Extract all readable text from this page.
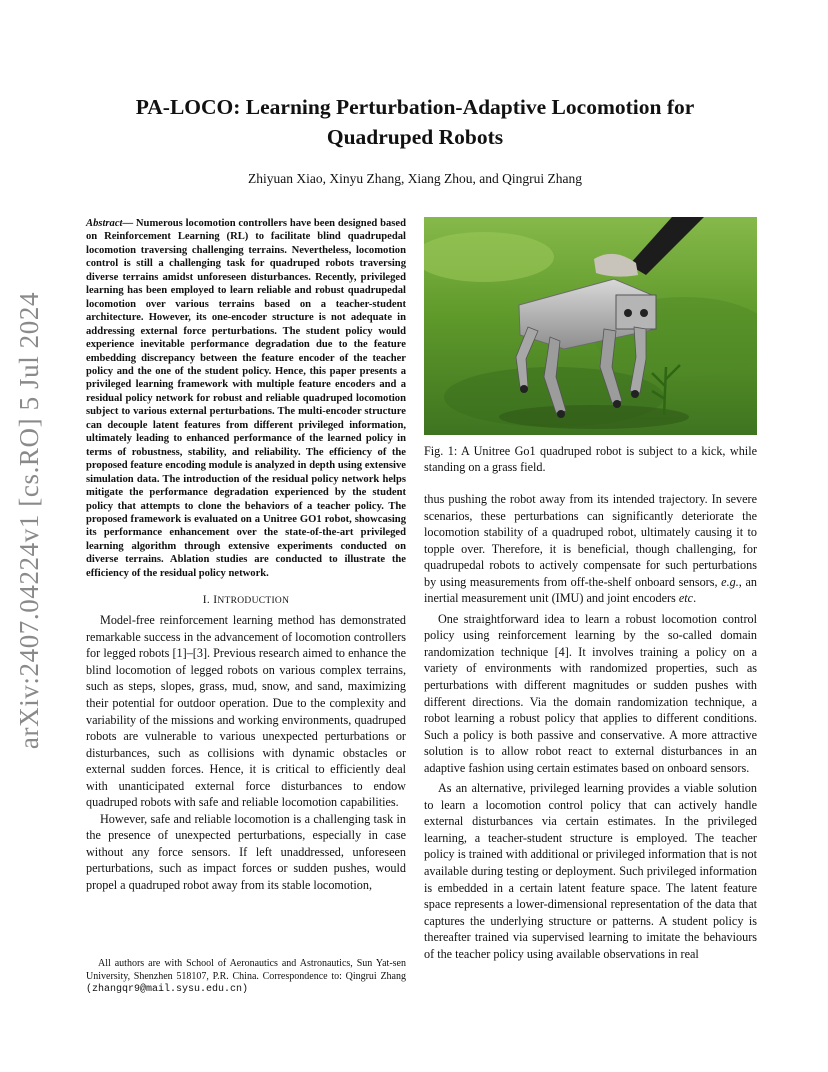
arXiv:2407.04224v1 [cs.RO] 5 Jul 2024
PA-LOCO: Learning Perturbation-Adaptive Locomotion for
Quadruped Robots
Zhiyuan Xiao, Xinyu Zhang, Xiang Zhou, and Qingrui Zhang

Abstract— Numerous locomotion controllers have been designed based on Reinforcement Learning (RL) to facilitate blind quadrupedal locomotion traversing challenging terrains. Nevertheless, locomotion control is still a challenging task for quadruped robots traversing diverse terrains amidst unforeseen disturbances. Recently, privileged learning has been employed to learn reliable and robust quadrupedal locomotion over various terrains based on a teacher-student architecture. However, its one-encoder structure is not adequate in addressing external force perturbations. The student policy would experience inevitable performance degradation due to the feature embedding discrepancy between the feature encoder of the teacher policy and the one of the student policy. Hence, this paper presents a privileged learning framework with multiple feature encoders and a residual policy network for robust and reliable quadruped locomotion subject to various external perturbations. The multi-encoder structure can decouple latent features from different privileged information, ultimately leading to enhanced performance of the learned policy in terms of robustness, stability, and reliability. The efficiency of the proposed feature encoding module is analyzed in depth using extensive simulation data. The introduction of the residual policy network helps mitigate the performance degradation experienced by the student policy that attempts to clone the behaviors of a teacher policy. The proposed framework is evaluated on a Unitree GO1 robot, showcasing its performance enhancement over the state-of-the-art privileged learning algorithm through extensive experiments conducted on diverse terrains. Ablation studies are conducted to illustrate the efficiency of the residual policy network.

I. INTRODUCTION

Model-free reinforcement learning method has demonstrated remarkable success in the advancement of locomotion controllers for legged robots [1]–[3]. Previous research aimed to enhance the blind locomotion of legged robots on various complex terrains, such as steps, slopes, grass, mud, snow, and sand, maximizing their potential for outdoor operation. Due to the complexity and variability of the missions and working environments, quadruped robots are vulnerable to various unexpected perturbations or disturbances, such as collisions with dynamic obstacles or external sudden forces. Hence, it is critical to efficiently deal with unanticipated external force disturbances to endow quadruped robots with safe and reliable locomotion capabilities.

However, safe and reliable locomotion is a challenging task in the presence of unexpected perturbations, especially in case without any force sensors. If left unaddressed, unforeseen perturbations, such as impact forces or sudden pushes, would propel a quadruped robot away from its stable locomotion,

All authors are with School of Aeronautics and Astronautics, Sun Yat-sen University, Shenzhen 518107, P.R. China. Correspondence to: Qingrui Zhang (zhangqr9@mail.sysu.edu.cn)

Fig. 1: A Unitree Go1 quadruped robot is subject to a kick, while standing on a grass field.

thus pushing the robot away from its intended trajectory. In severe scenarios, these perturbations can significantly deteriorate the locomotion stability of a quadruped robot, ultimately causing it to topple over. Therefore, it is beneficial, though challenging, for quadrupedal robots to actively compensate for such perturbations by using measurements from off-the-shelf onboard sensors, e.g., an inertial measurement unit (IMU) and joint encoders etc.

One straightforward idea to learn a robust locomotion control policy using reinforcement learning by the so-called domain randomization technique [4]. It involves training a policy on a variety of environments with randomized properties, such as perturbations with different magnitudes or sudden pushes with different directions. Via the domain randomization technique, a robot learning a robust policy that applies to different conditions. Such a policy is both passive and conservative. A more attractive solution is to allow robot react to external disturbances in an adaptive fashion using certain estimates based on onboard sensors.

As an alternative, privileged learning provides a viable solution to learn a locomotion control policy that can actively handle external disturbances via certain estimates. In the privileged learning, a teacher-student structure is employed. The teacher policy is trained with additional or privileged information that is not available during testing or deployment. Such privileged information is embedded in a certain latent feature space. The latent feature space represents a lower-dimensional representation of the data that captures the underlying structure or patterns. A student policy is thereafter trained via supervised learning to imitate the behaviours of the teacher policy using available observations in real
